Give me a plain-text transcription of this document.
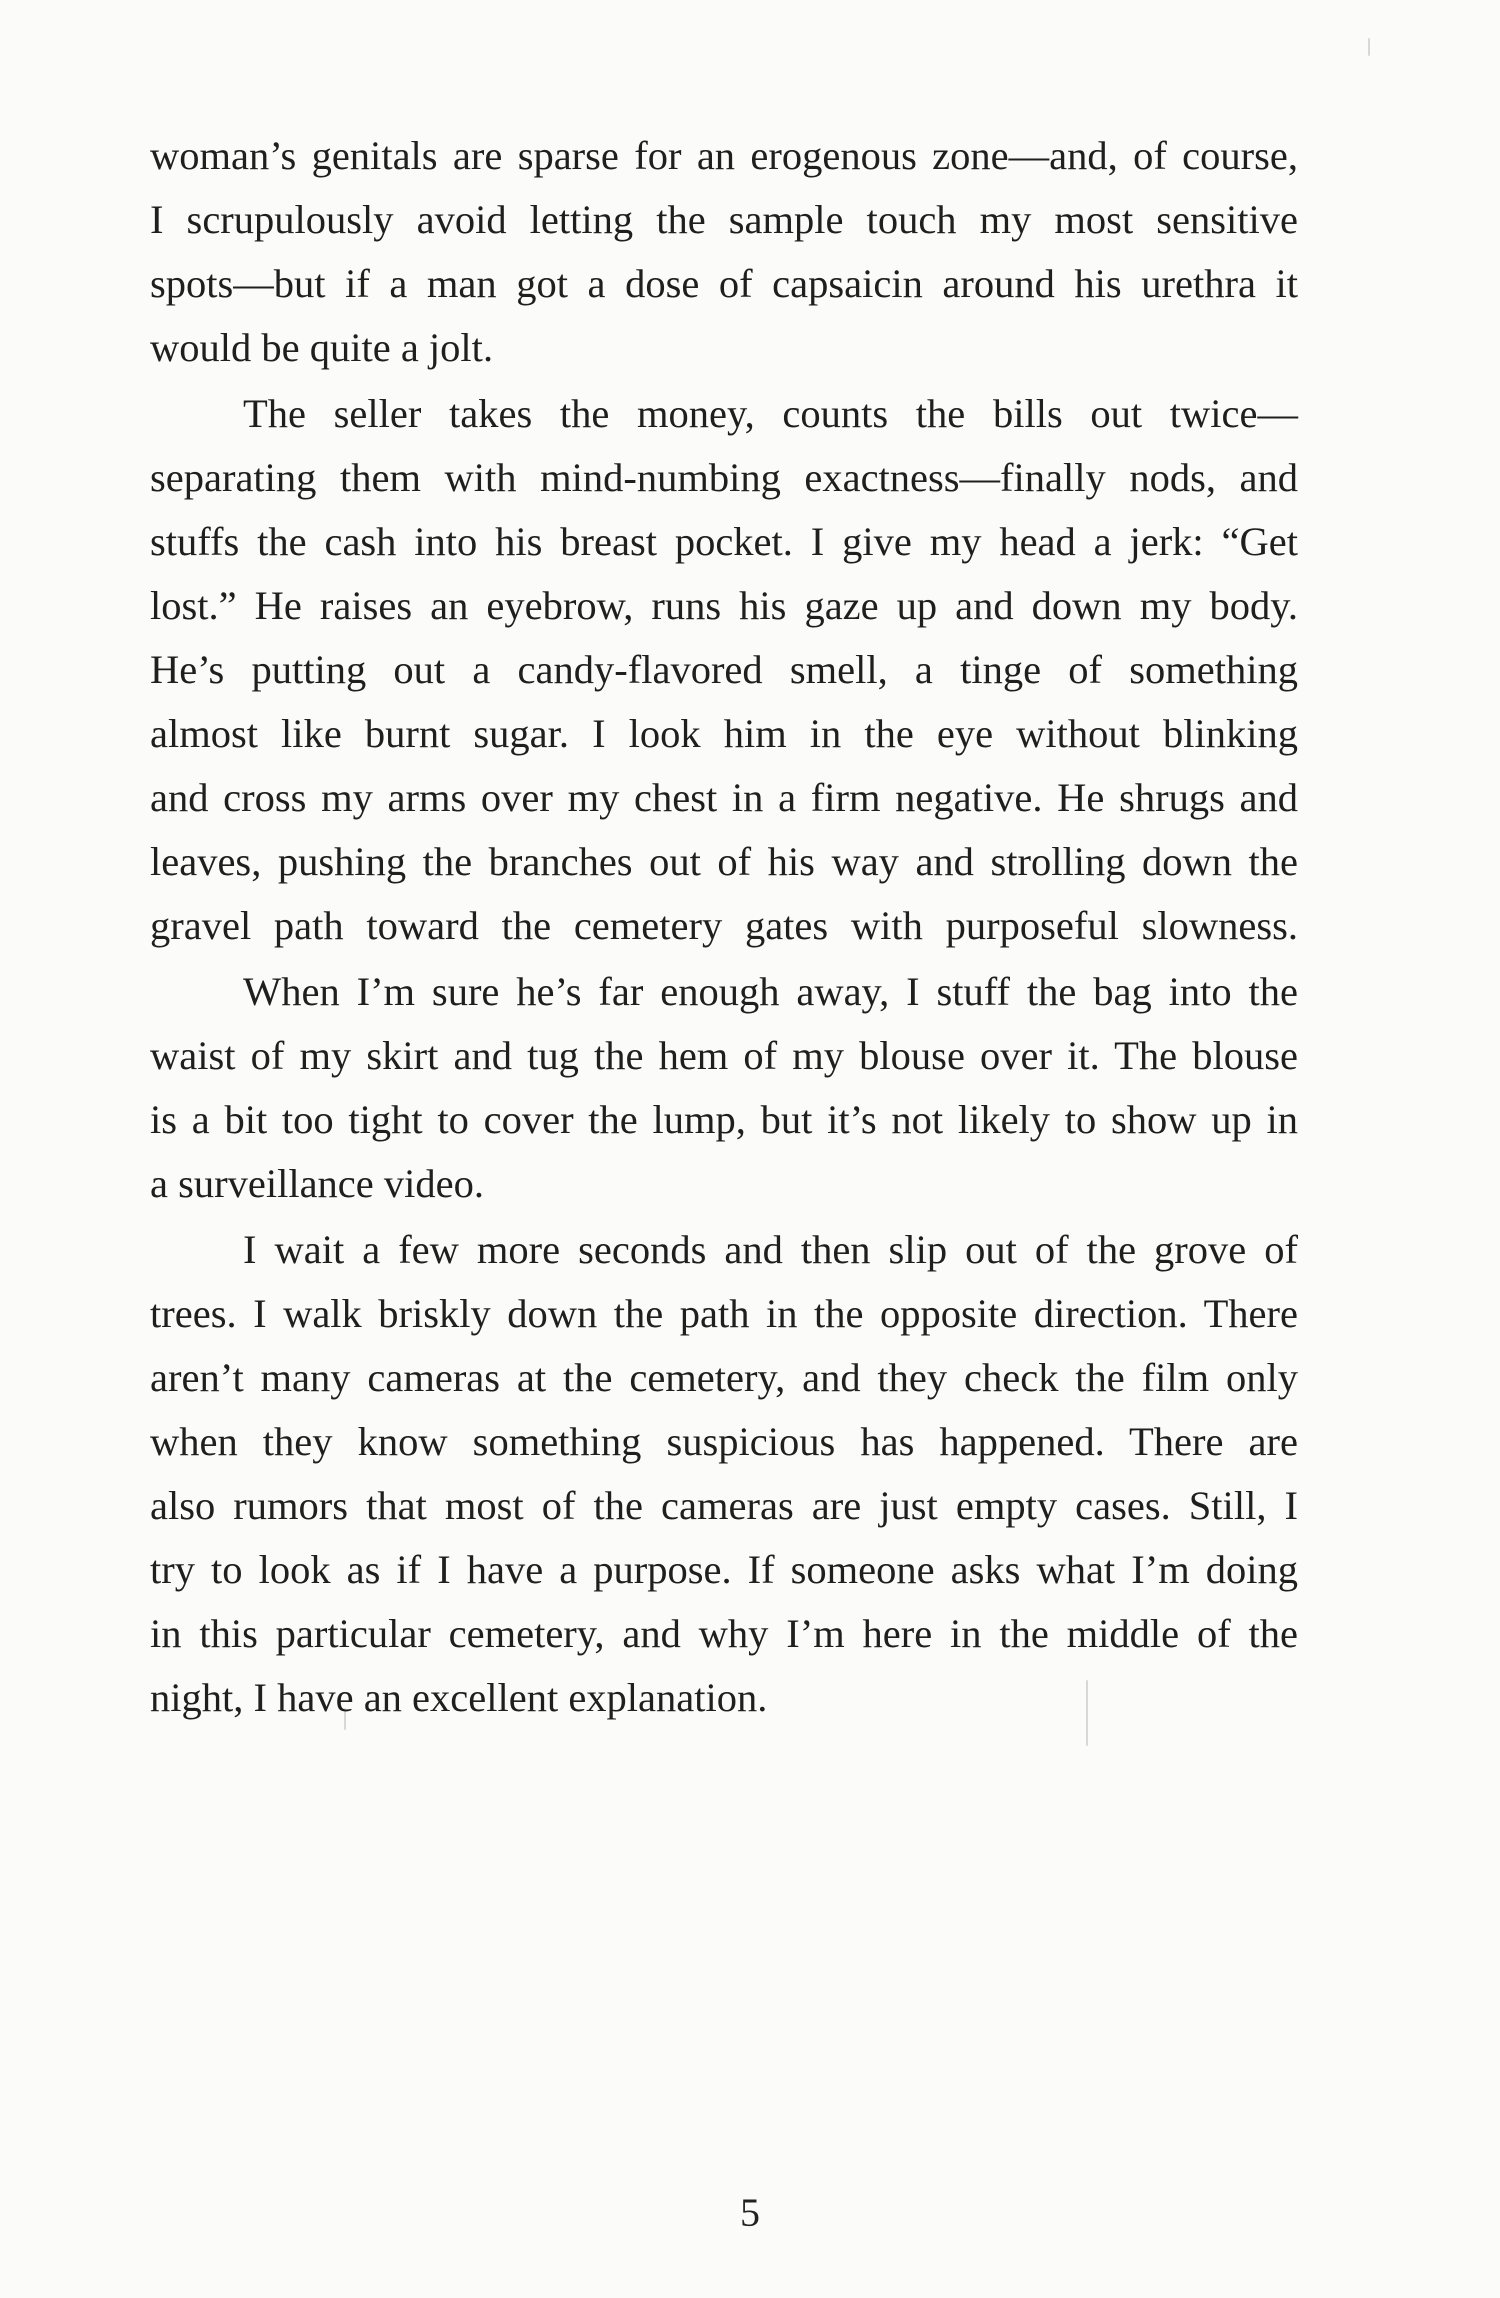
woman’s genitals are sparse for an erogenous zone—and, of course,
I scrupulously avoid letting the sample touch my most sensitive
spots—but if a man got a dose of capsaicin around his urethra it
would be quite a jolt.
The seller takes the money, counts the bills out twice—
separating them with mind-numbing exactness—finally nods, and
stuffs the cash into his breast pocket. I give my head a jerk: “Get
lost.” He raises an eyebrow, runs his gaze up and down my body.
He’s putting out a candy-flavored smell, a tinge of something
almost like burnt sugar. I look him in the eye without blinking
and cross my arms over my chest in a firm negative. He shrugs and
leaves, pushing the branches out of his way and strolling down the
gravel path toward the cemetery gates with purposeful slowness.
When I’m sure he’s far enough away, I stuff the bag into the
waist of my skirt and tug the hem of my blouse over it. The blouse
is a bit too tight to cover the lump, but it’s not likely to show up in
a surveillance video.
I wait a few more seconds and then slip out of the grove of
trees. I walk briskly down the path in the opposite direction. There
aren’t many cameras at the cemetery, and they check the film only
when they know something suspicious has happened. There are
also rumors that most of the cameras are just empty cases. Still, I
try to look as if I have a purpose. If someone asks what I’m doing
in this particular cemetery, and why I’m here in the middle of the
night, I have an excellent explanation.
5
